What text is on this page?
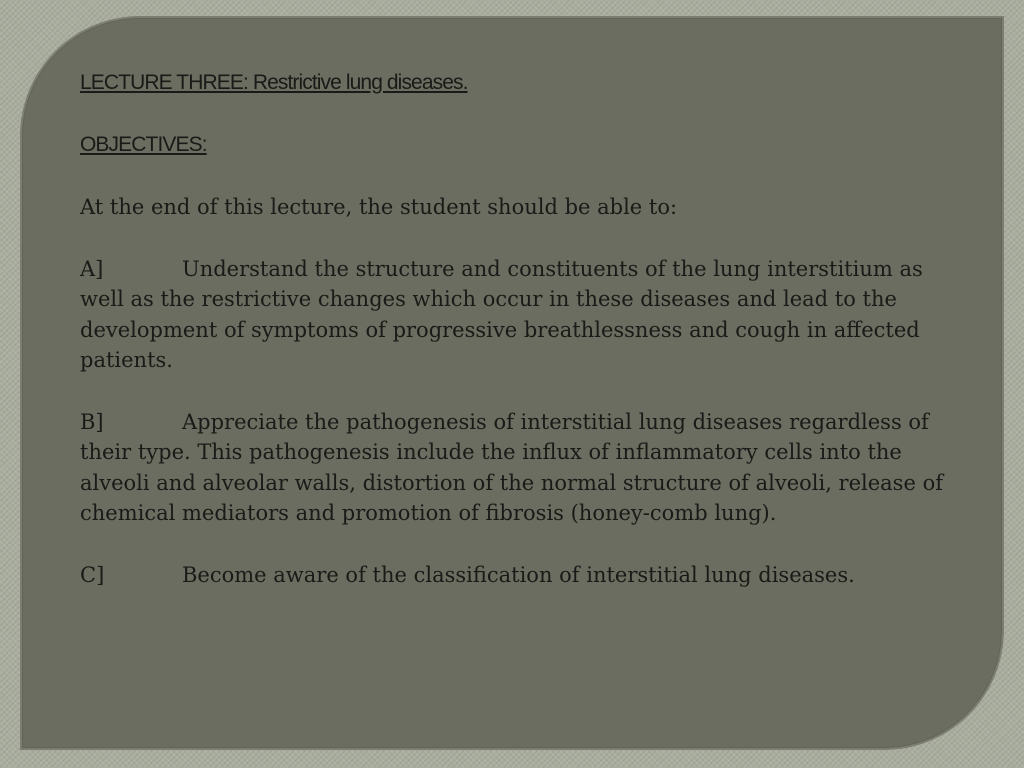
LECTURE THREE: Restrictive lung diseases.
OBJECTIVES:

At the end of this lecture, the student should be able to:

A]	Understand the structure and constituents of the lung interstitium as well as the restrictive changes which occur in these diseases and lead to the development of symptoms of progressive breathlessness and cough in affected patients.

B]	Appreciate the pathogenesis of interstitial lung diseases regardless of their type. This pathogenesis include the influx of inflammatory cells into the alveoli and alveolar walls, distortion of the normal structure of alveoli, release of chemical mediators and promotion of fibrosis (honey-comb lung).

C]	Become aware of the classification of interstitial lung diseases.
